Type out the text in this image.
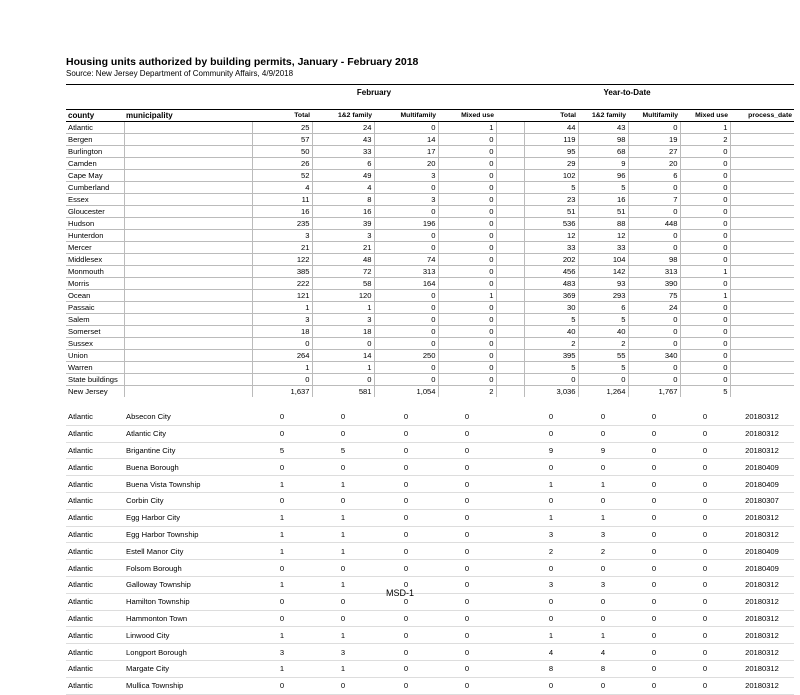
Housing units authorized by building permits, January - February 2018
Source: New Jersey Department of Community Affairs, 4/9/2018
		February					Year-to-Date				

county	municipality	Total	1&2 family	Multifamily	Mixed use		Total	1&2 family	Multifamily	Mixed use	process_date
Atlantic		25	24	0	1		44	43	0	1	
Bergen		57	43	14	0		119	98	19	2	
Burlington		50	33	17	0		95	68	27	0	
Camden		26	6	20	0		29	9	20	0	
Cape May		52	49	3	0		102	96	6	0	
Cumberland		4	4	0	0		5	5	0	0	
Essex		11	8	3	0		23	16	7	0	
Gloucester		16	16	0	0		51	51	0	0	
Hudson		235	39	196	0		536	88	448	0	
Hunterdon		3	3	0	0		12	12	0	0	
Mercer		21	21	0	0		33	33	0	0	
Middlesex		122	48	74	0		202	104	98	0	
Monmouth		385	72	313	0		456	142	313	1	
Morris		222	58	164	0		483	93	390	0	
Ocean		121	120	0	1		369	293	75	1	
Passaic		1	1	0	0		30	6	24	0	
Salem		3	3	0	0		5	5	0	0	
Somerset		18	18	0	0		40	40	0	0	
Sussex		0	0	0	0		2	2	0	0	
Union		264	14	250	0		395	55	340	0	
Warren		1	1	0	0		5	5	0	0	
State buildings		0	0	0	0		0	0	0	0	
New Jersey		1,637	581	1,054	2		3,036	1,264	1,767	5	

Atlantic	Absecon City	0	0	0	0		0	0	0	0	20180312
Atlantic	Atlantic City	0	0	0	0		0	0	0	0	20180312
Atlantic	Brigantine City	5	5	0	0		9	9	0	0	20180312
Atlantic	Buena Borough	0	0	0	0		0	0	0	0	20180409
Atlantic	Buena Vista Township	1	1	0	0		1	1	0	0	20180409
Atlantic	Corbin City	0	0	0	0		0	0	0	0	20180307
Atlantic	Egg Harbor City	1	1	0	0		1	1	0	0	20180312
Atlantic	Egg Harbor Township	1	1	0	0		3	3	0	0	20180312
Atlantic	Estell Manor City	1	1	0	0		2	2	0	0	20180409
Atlantic	Folsom Borough	0	0	0	0		0	0	0	0	20180409
Atlantic	Galloway Township	1	1	0	0		3	3	0	0	20180312
Atlantic	Hamilton Township	0	0	0	0		0	0	0	0	20180312
Atlantic	Hammonton Town	0	0	0	0		0	0	0	0	20180312
Atlantic	Linwood City	1	1	0	0		1	1	0	0	20180312
Atlantic	Longport Borough	3	3	0	0		4	4	0	0	20180312
Atlantic	Margate City	1	1	0	0		8	8	0	0	20180312
Atlantic	Mullica Township	0	0	0	0		0	0	0	0	20180312
MSD-1
